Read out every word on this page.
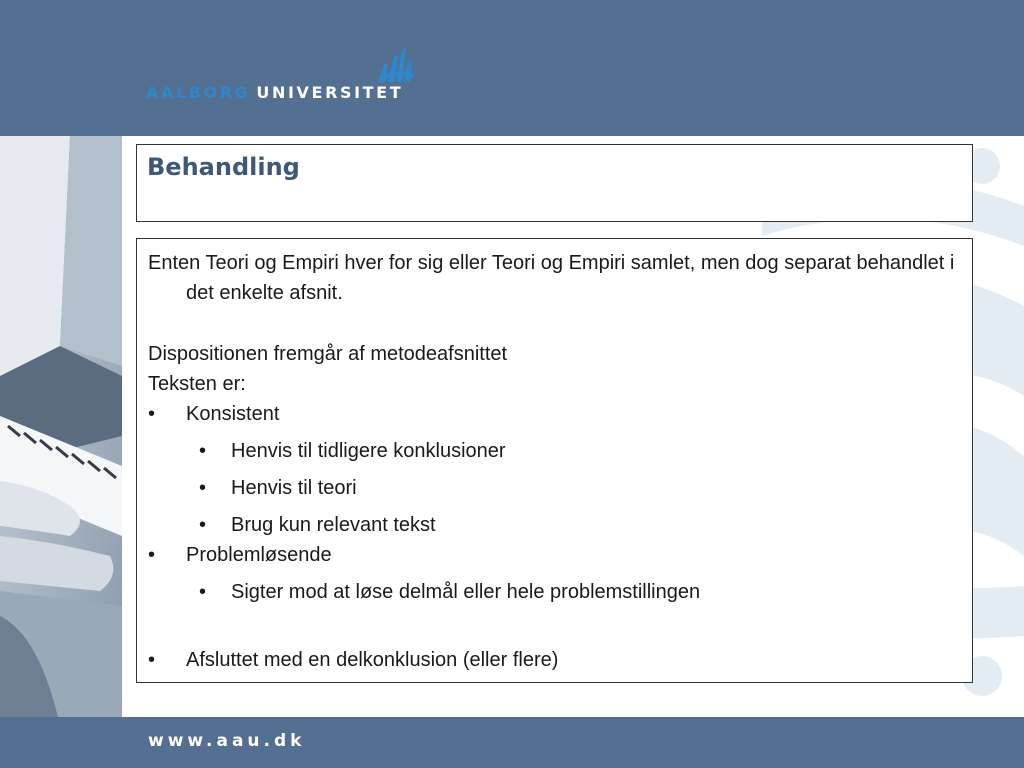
AALBORG UNIVERSITET
www.aau.dk
Behandling
Enten Teori og Empiri hver for sig eller Teori og Empiri samlet, men dog separat behandlet i det enkelte afsnit.
Dispositionen fremgår af metodeafsnittet
Teksten er:
• Konsistent
• Henvis til tidligere konklusioner
• Henvis til teori
• Brug kun relevant tekst
• Problemløsende
• Sigter mod at løse delmål eller hele problemstillingen
• Afsluttet med en delkonklusion (eller flere)
